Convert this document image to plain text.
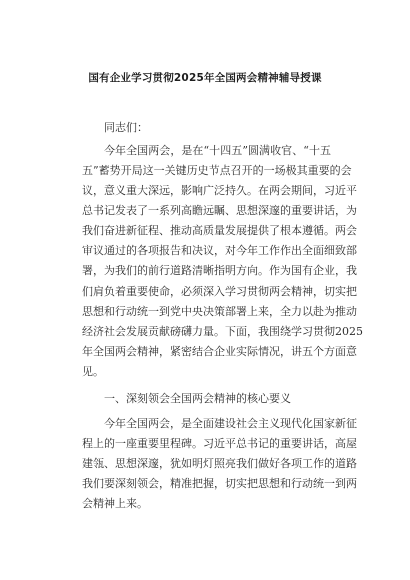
国有企业学习贯彻2025年全国两会精神辅导授课
同志们：
今年全国两会，是在“十四五”圆满收官、“十五
五”蓄势开局这一关键历史节点召开的一场极其重要的会
议，意义重大深远，影响广泛持久。在两会期间，习近平
总书记发表了一系列高瞻远瞩、思想深邃的重要讲话，为
我们奋进新征程、推动高质量发展提供了根本遵循。两会
审议通过的各项报告和决议，对今年工作作出全面细致部
署，为我们的前行道路清晰指明方向。作为国有企业，我
们肩负着重要使命，必须深入学习贯彻两会精神，切实把
思想和行动统一到党中央决策部署上来，全力以赴为推动
经济社会发展贡献磅礴力量。下面，我围绕学习贯彻2025
年全国两会精神，紧密结合企业实际情况，讲五个方面意
见。
一、深刻领会全国两会精神的核心要义
今年全国两会，是全面建设社会主义现代化国家新征
程上的一座重要里程碑。习近平总书记的重要讲话，高屋
建瓴、思想深邃，犹如明灯照亮我们做好各项工作的道路
我们要深刻领会，精准把握，切实把思想和行动统一到两
会精神上来。
